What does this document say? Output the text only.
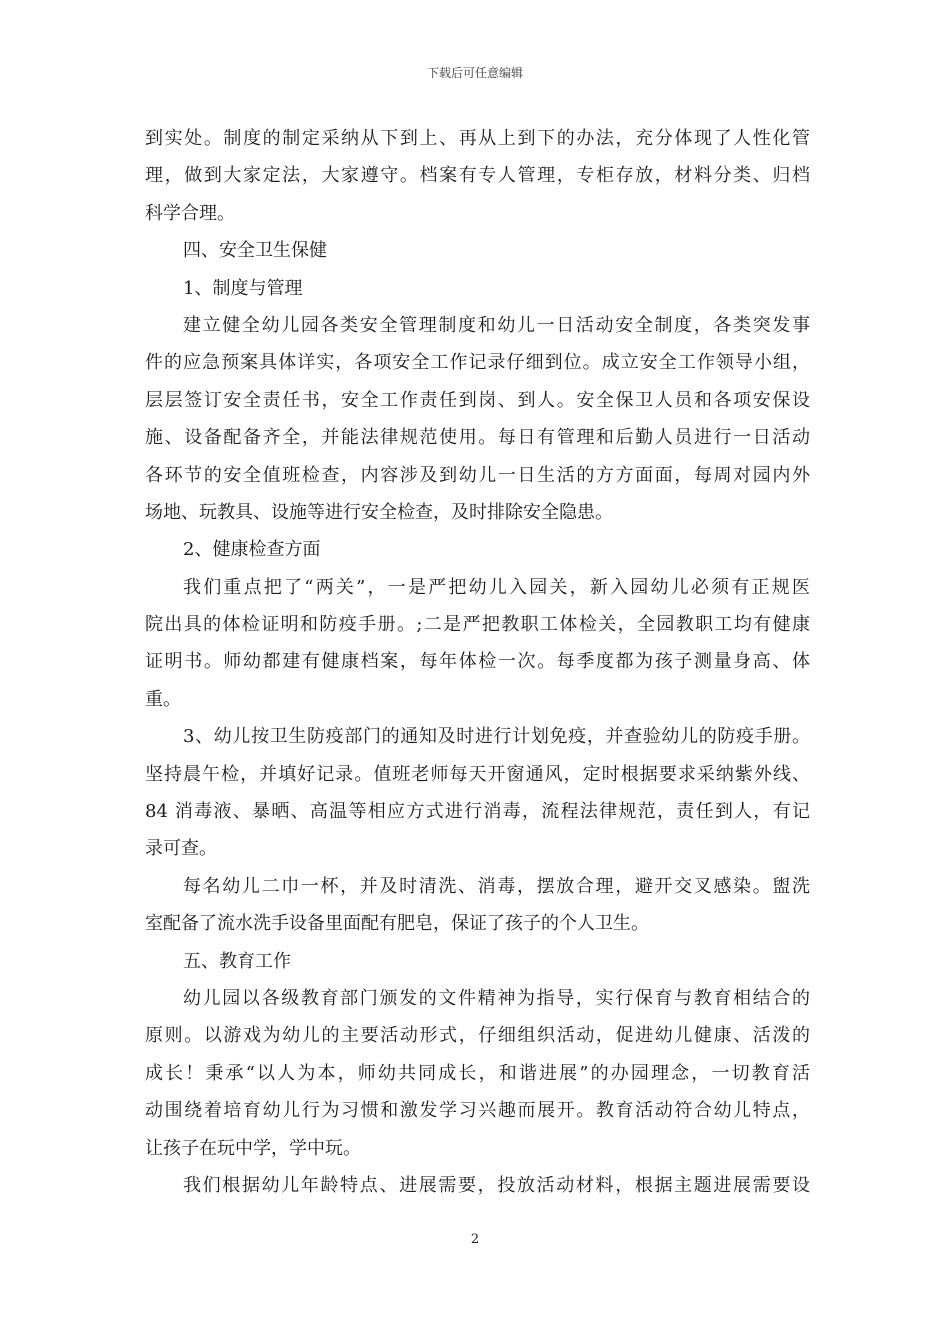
下载后可任意编辑
到实处。制度的制定采纳从下到上、再从上到下的办法，充分体现了人性化管
理，做到大家定法，大家遵守。档案有专人管理，专柜存放，材料分类、归档
科学合理。
四、安全卫生保健
1、制度与管理
建立健全幼儿园各类安全管理制度和幼儿一日活动安全制度，各类突发事
件的应急预案具体详实，各项安全工作记录仔细到位。成立安全工作领导小组，
层层签订安全责任书，安全工作责任到岗、到人。安全保卫人员和各项安保设
施、设备配备齐全，并能法律规范使用。每日有管理和后勤人员进行一日活动
各环节的安全值班检查，内容涉及到幼儿一日生活的方方面面，每周对园内外
场地、玩教具、设施等进行安全检查，及时排除安全隐患。
2、健康检查方面
我们重点把了“两关”，一是严把幼儿入园关，新入园幼儿必须有正规医
院出具的体检证明和防疫手册。;二是严把教职工体检关，全园教职工均有健康
证明书。师幼都建有健康档案，每年体检一次。每季度都为孩子测量身高、体
重。
3、幼儿按卫生防疫部门的通知及时进行计划免疫，并查验幼儿的防疫手册。
坚持晨午检，并填好记录。值班老师每天开窗通风，定时根据要求采纳紫外线、
84 消毒液、暴晒、高温等相应方式进行消毒，流程法律规范，责任到人，有记
录可查。
每名幼儿二巾一杯，并及时清洗、消毒，摆放合理，避开交叉感染。盥洗
室配备了流水洗手设备里面配有肥皂，保证了孩子的个人卫生。
五、教育工作
幼儿园以各级教育部门颁发的文件精神为指导，实行保育与教育相结合的
原则。以游戏为幼儿的主要活动形式，仔细组织活动，促进幼儿健康、活泼的
成长！秉承“以人为本，师幼共同成长，和谐进展”的办园理念，一切教育活
动围绕着培育幼儿行为习惯和激发学习兴趣而展开。教育活动符合幼儿特点，
让孩子在玩中学，学中玩。
我们根据幼儿年龄特点、进展需要，投放活动材料，根据主题进展需要设
2
